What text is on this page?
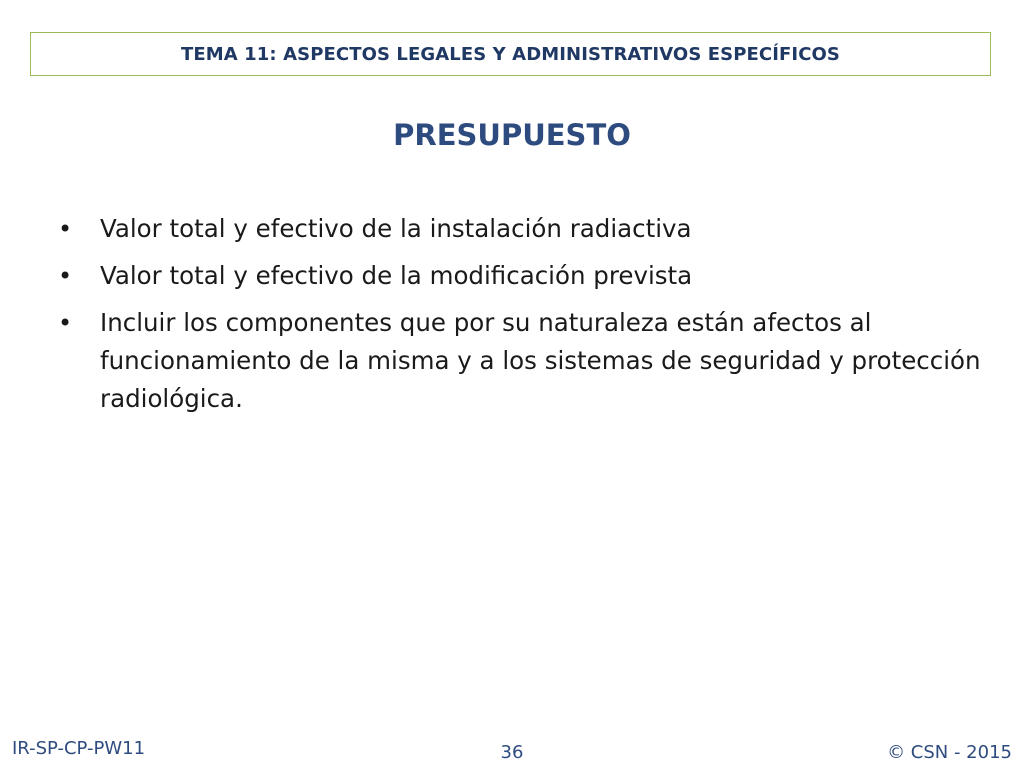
TEMA 11: ASPECTOS LEGALES Y ADMINISTRATIVOS ESPECÍFICOS
PRESUPUESTO
•	Valor total y efectivo de la instalación radiactiva
•	Valor total y efectivo de la modificación prevista
•	Incluir los componentes que por su naturaleza están afectos al funcionamiento de la misma y a los sistemas de seguridad y protección radiológica.
IR-SP-CP-PW11	36	© CSN - 2015
